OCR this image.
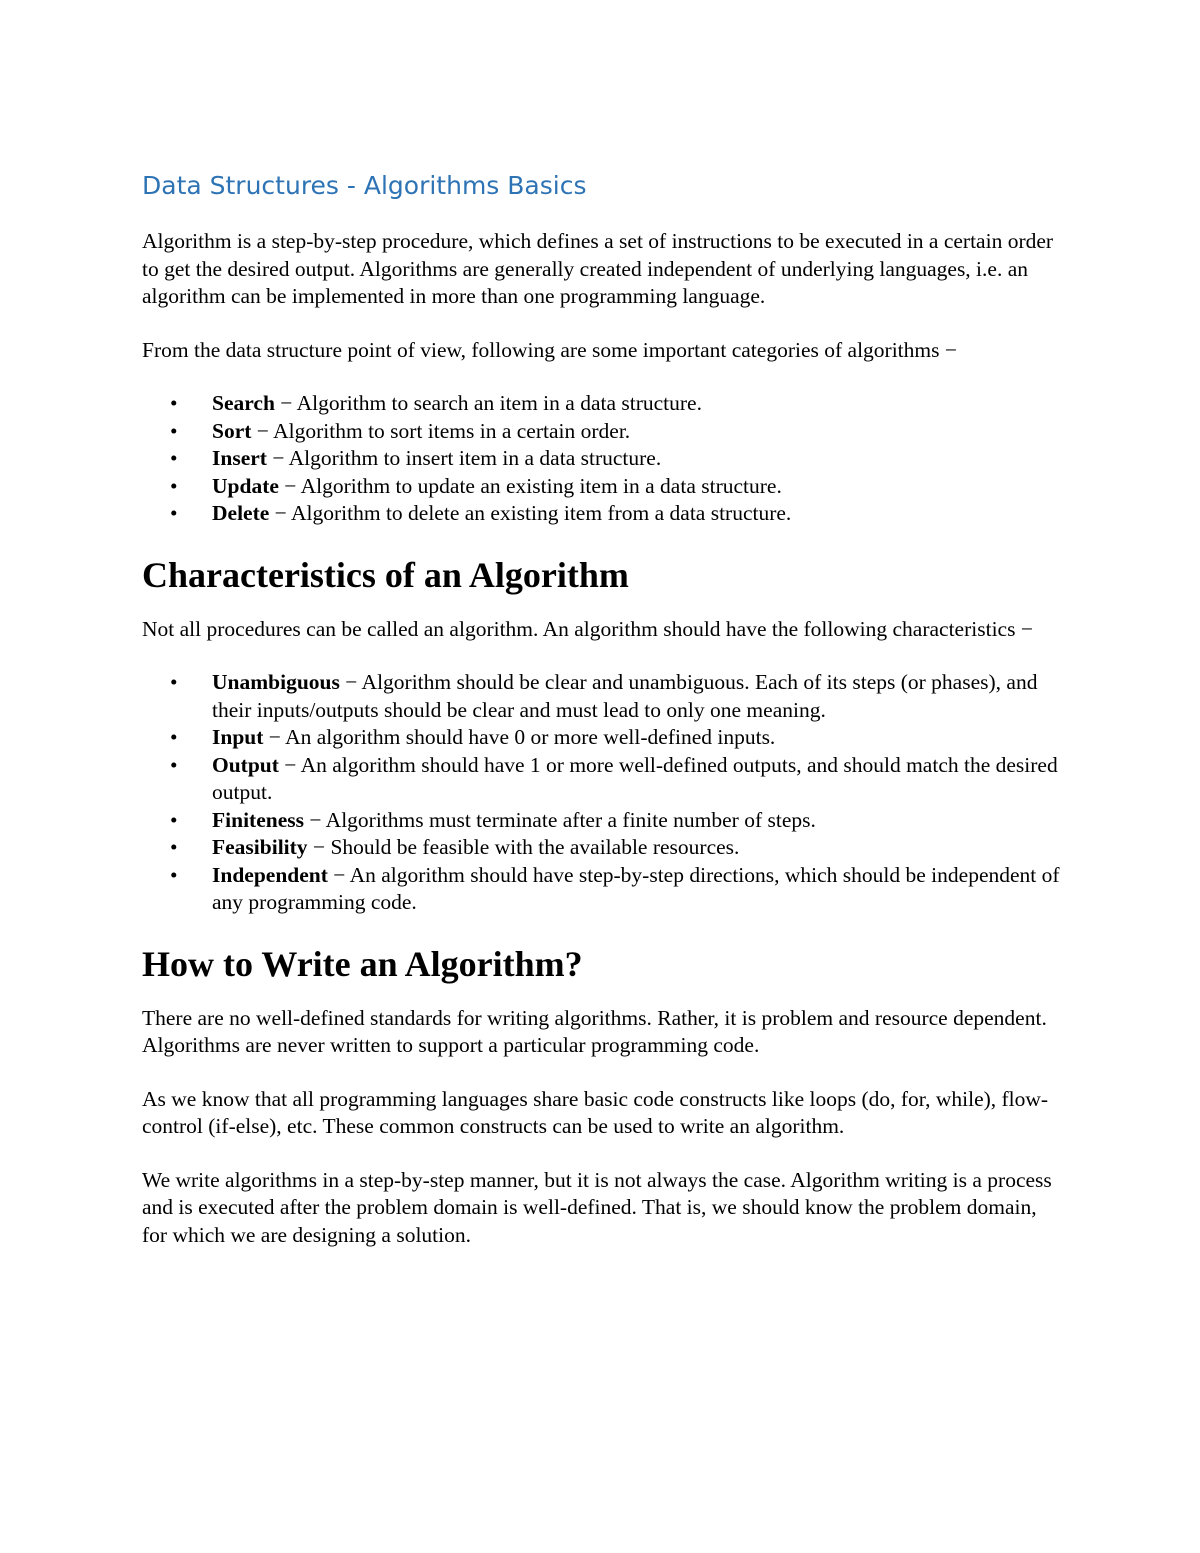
Data Structures - Algorithms Basics

Algorithm is a step-by-step procedure, which defines a set of instructions to be executed in a certain order to get the desired output. Algorithms are generally created independent of underlying languages, i.e. an algorithm can be implemented in more than one programming language.

From the data structure point of view, following are some important categories of algorithms −

• Search − Algorithm to search an item in a data structure.
• Sort − Algorithm to sort items in a certain order.
• Insert − Algorithm to insert item in a data structure.
• Update − Algorithm to update an existing item in a data structure.
• Delete − Algorithm to delete an existing item from a data structure.
Characteristics of an Algorithm

Not all procedures can be called an algorithm. An algorithm should have the following characteristics −

• Unambiguous − Algorithm should be clear and unambiguous. Each of its steps (or phases), and their inputs/outputs should be clear and must lead to only one meaning.
• Input − An algorithm should have 0 or more well-defined inputs.
• Output − An algorithm should have 1 or more well-defined outputs, and should match the desired output.
• Finiteness − Algorithms must terminate after a finite number of steps.
• Feasibility − Should be feasible with the available resources.
• Independent − An algorithm should have step-by-step directions, which should be independent of any programming code.
How to Write an Algorithm?

There are no well-defined standards for writing algorithms. Rather, it is problem and resource dependent. Algorithms are never written to support a particular programming code.

As we know that all programming languages share basic code constructs like loops (do, for, while), flow-control (if-else), etc. These common constructs can be used to write an algorithm.

We write algorithms in a step-by-step manner, but it is not always the case. Algorithm writing is a process and is executed after the problem domain is well-defined. That is, we should know the problem domain, for which we are designing a solution.
